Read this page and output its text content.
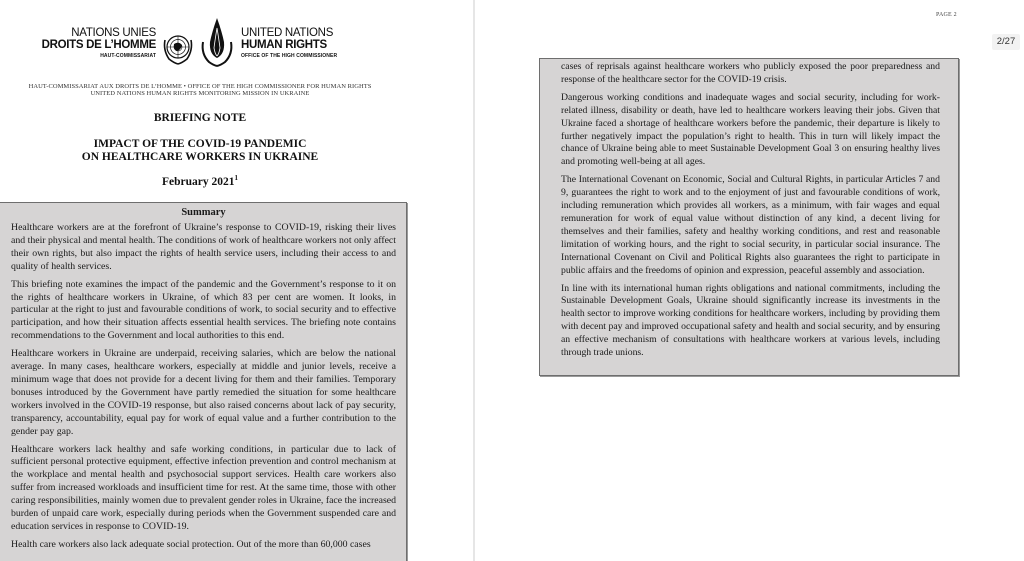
NATIONS UNIES
DROITS DE L’HOMME
HAUT-COMMISSARIAT
UNITED NATIONS
HUMAN RIGHTS
OFFICE OF THE HIGH COMMISSIONER
HAUT-COMMISSARIAT AUX DROITS DE L’HOMME • OFFICE OF THE HIGH COMMISSIONER FOR HUMAN RIGHTS
UNITED NATIONS HUMAN RIGHTS MONITORING MISSION IN UKRAINE
BRIEFING NOTE
IMPACT OF THE COVID-19 PANDEMIC
ON HEALTHCARE WORKERS IN UKRAINE
February 2021$^1$
Summary

Healthcare workers are at the forefront of Ukraine’s response to COVID-19, risking their lives and their physical and mental health. The conditions of work of healthcare workers not only affect their own rights, but also impact the rights of health service users, including their access to and quality of health services.

This briefing note examines the impact of the pandemic and the Government’s response to it on the rights of healthcare workers in Ukraine, of which 83 per cent are women. It looks, in particular at the right to just and favourable conditions of work, to social security and to effective participation, and how their situation affects essential health services. The briefing note contains recommendations to the Government and local authorities to this end.

Healthcare workers in Ukraine are underpaid, receiving salaries, which are below the national average. In many cases, healthcare workers, especially at middle and junior levels, receive a minimum wage that does not provide for a decent living for them and their families. Temporary bonuses introduced by the Government have partly remedied the situation for some healthcare workers involved in the COVID-19 response, but also raised concerns about lack of pay security, transparency, accountability, equal pay for work of equal value and a further contribution to the gender pay gap.

Healthcare workers lack healthy and safe working conditions, in particular due to lack of sufficient personal protective equipment, effective infection prevention and control mechanism at the workplace and mental health and psychosocial support services. Health care workers also suffer from increased workloads and insufficient time for rest. At the same time, those with other caring responsibilities, mainly women due to prevalent gender roles in Ukraine, face the increased burden of unpaid care work, especially during periods when the Government suspended care and education services in response to COVID-19.

Health care workers also lack adequate social protection. Out of the more than 60,000 cases

PAGE 2

cases of reprisals against healthcare workers who publicly exposed the poor preparedness and response of the healthcare sector for the COVID-19 crisis.

Dangerous working conditions and inadequate wages and social security, including for work-related illness, disability or death, have led to healthcare workers leaving their jobs. Given that Ukraine faced a shortage of healthcare workers before the pandemic, their departure is likely to further negatively impact the population’s right to health. This in turn will likely impact the chance of Ukraine being able to meet Sustainable Development Goal 3 on ensuring healthy lives and promoting well-being at all ages.

The International Covenant on Economic, Social and Cultural Rights, in particular Articles 7 and 9, guarantees the right to work and to the enjoyment of just and favourable conditions of work, including remuneration which provides all workers, as a minimum, with fair wages and equal remuneration for work of equal value without distinction of any kind, a decent living for themselves and their families, safety and healthy working conditions, and rest and reasonable limitation of working hours, and the right to social security, in particular social insurance. The International Covenant on Civil and Political Rights also guarantees the right to participate in public affairs and the freedoms of opinion and expression, peaceful assembly and association.

In line with its international human rights obligations and national commitments, including the Sustainable Development Goals, Ukraine should significantly increase its investments in the health sector to improve working conditions for healthcare workers, including by providing them with decent pay and improved occupational safety and health and social security, and by ensuring an effective mechanism of consultations with healthcare workers at various levels, including through trade unions.

2/27
